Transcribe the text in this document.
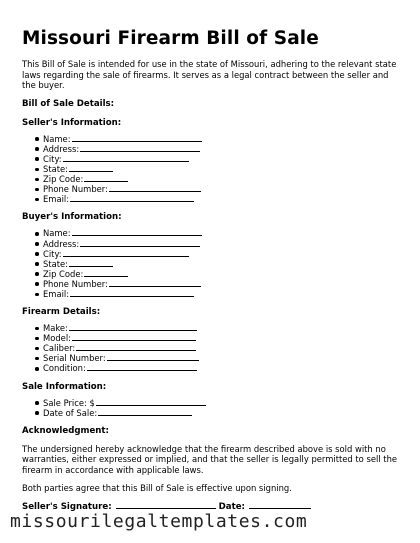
Missouri Firearm Bill of Sale
This Bill of Sale is intended for use in the state of Missouri, adhering to the relevant state laws regarding the sale of firearms. It serves as a legal contract between the seller and the buyer.
Bill of Sale Details:
Seller's Information:
Name:
Address:
City:
State:
Zip Code:
Phone Number:
Email:
Buyer's Information:
Name:
Address:
City:
State:
Zip Code:
Phone Number:
Email:
Firearm Details:
Make:
Model:
Caliber:
Serial Number:
Condition:
Sale Information:
Sale Price: $
Date of Sale:
Acknowledgment:
The undersigned hereby acknowledge that the firearm described above is sold with no warranties, either expressed or implied, and that the seller is legally permitted to sell the firearm in accordance with applicable laws.
Both parties agree that this Bill of Sale is effective upon signing.
Seller's Signature:	Date:
missourilegaltemplates.com
